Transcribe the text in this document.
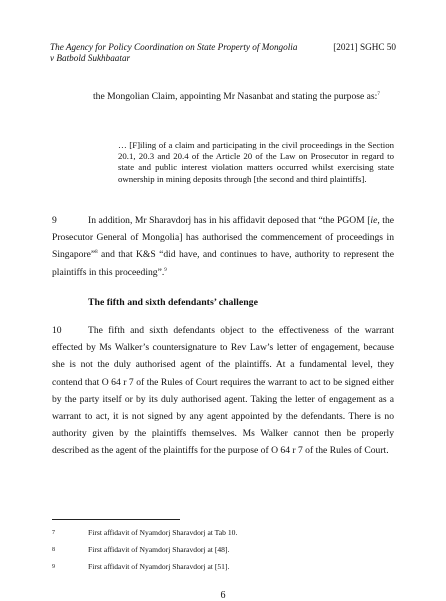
The Agency for Policy Coordination on State Property of Mongolia v Batbold Sukhbaatar
[2021] SGHC 50
the Mongolian Claim, appointing Mr Nasanbat and stating the purpose as:$^7$
… [F]iling of a claim and participating in the civil proceedings in the Section 20.1, 20.3 and 20.4 of the Article 20 of the Law on Prosecutor in regard to state and public interest violation matters occurred whilst exercising state ownership in mining deposits through [the second and third plaintiffs].
9	In addition, Mr Sharavdorj has in his affidavit deposed that “the PGOM [ie, the Prosecutor General of Mongolia] has authorised the commencement of proceedings in Singapore”$^8$ and that K&S “did have, and continues to have, authority to represent the plaintiffs in this proceeding”.$^9$
The fifth and sixth defendants’ challenge
10	The fifth and sixth defendants object to the effectiveness of the warrant effected by Ms Walker’s countersignature to Rev Law’s letter of engagement, because she is not the duly authorised agent of the plaintiffs. At a fundamental level, they contend that O 64 r 7 of the Rules of Court requires the warrant to act to be signed either by the party itself or by its duly authorised agent. Taking the letter of engagement as a warrant to act, it is not signed by any agent appointed by the defendants. There is no authority given by the plaintiffs themselves. Ms Walker cannot then be properly described as the agent of the plaintiffs for the purpose of O 64 r 7 of the Rules of Court.
7	First affidavit of Nyamdorj Sharavdorj at Tab 10.
8	First affidavit of Nyamdorj Sharavdorj at [48].
9	First affidavit of Nyamdorj Sharavdorj at [51].
6
